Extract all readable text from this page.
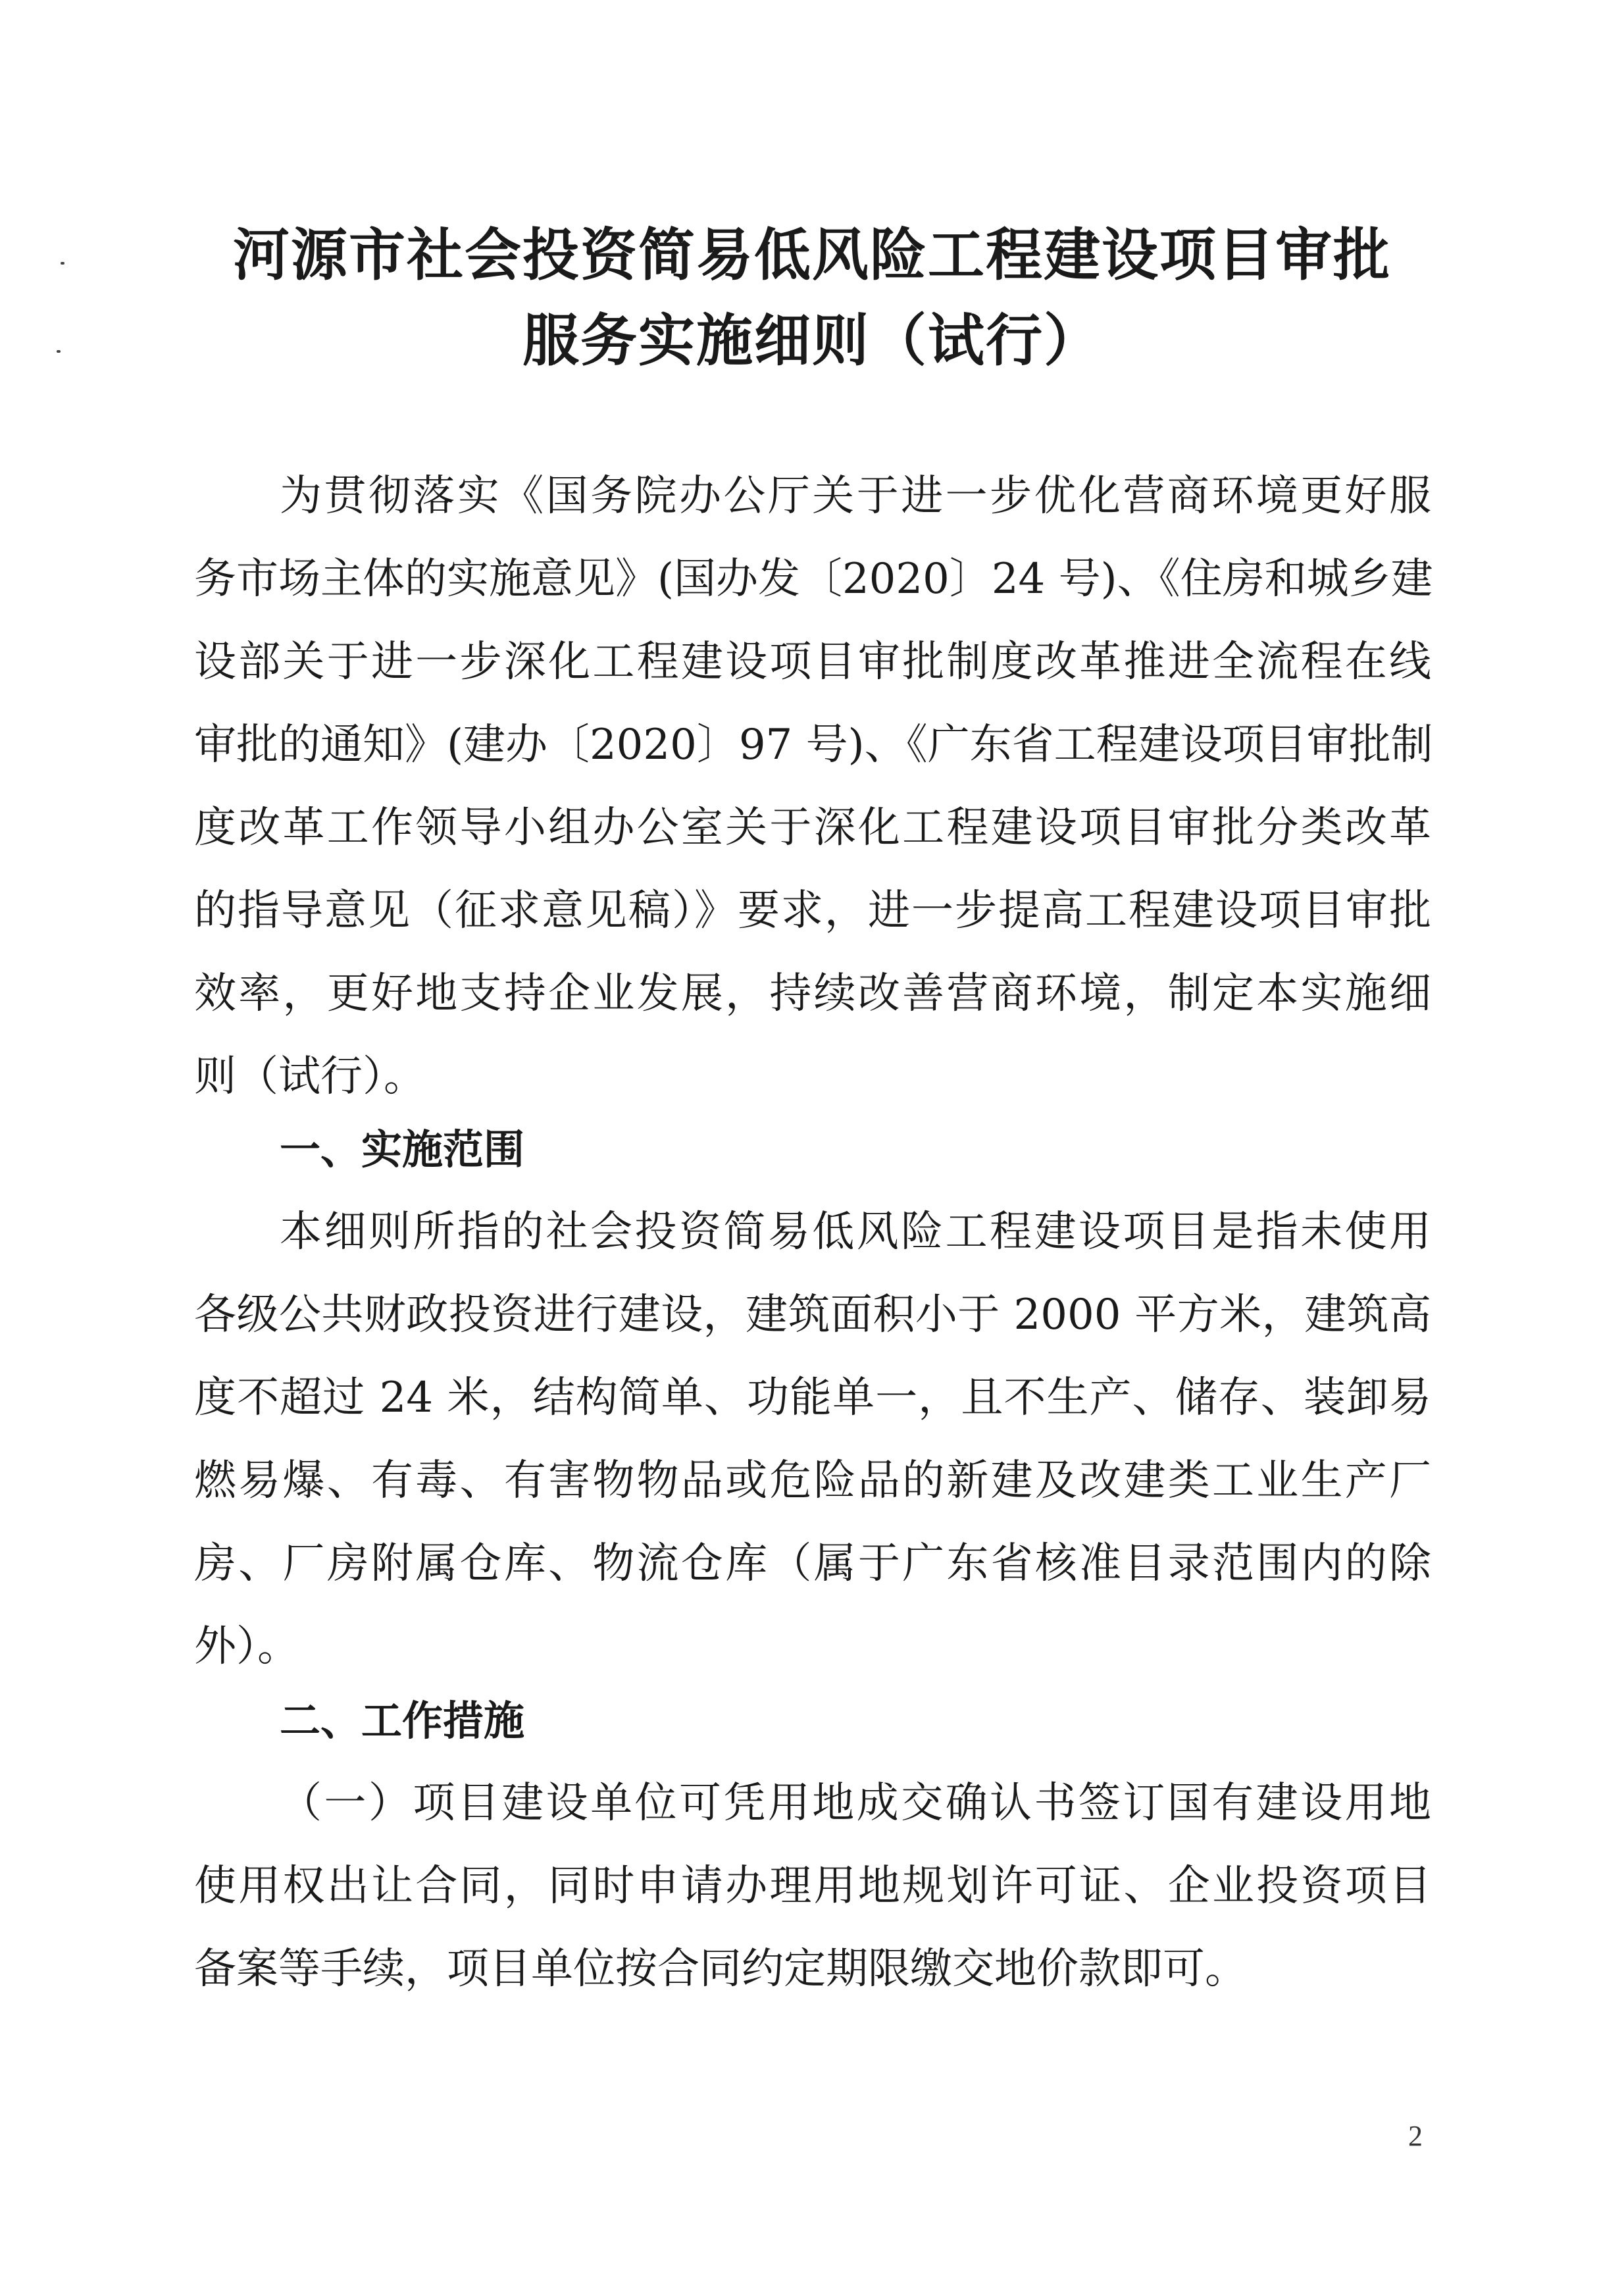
河源市社会投资简易低风险工程建设项目审批
服务实施细则（试行）
为贯彻落实《国务院办公厅关于进一步优化营商环境更好服
务市场主体的实施意见》(国办发〔2020〕24 号)、《住房和城乡建
设部关于进一步深化工程建设项目审批制度改革推进全流程在线
审批的通知》(建办〔2020〕97 号)、《广东省工程建设项目审批制
度改革工作领导小组办公室关于深化工程建设项目审批分类改革
的指导意见（征求意见稿）》要求，进一步提高工程建设项目审批
效率，更好地支持企业发展，持续改善营商环境，制定本实施细
则（试行）。
一、实施范围
本细则所指的社会投资简易低风险工程建设项目是指未使用
各级公共财政投资进行建设，建筑面积小于 2000 平方米，建筑高
度不超过 24 米，结构简单、功能单一，且不生产、储存、装卸易
燃易爆、有毒、有害物物品或危险品的新建及改建类工业生产厂
房、厂房附属仓库、物流仓库（属于广东省核准目录范围内的除
外）。
二、工作措施
（一）项目建设单位可凭用地成交确认书签订国有建设用地
使用权出让合同，同时申请办理用地规划许可证、企业投资项目
备案等手续，项目单位按合同约定期限缴交地价款即可。
2
